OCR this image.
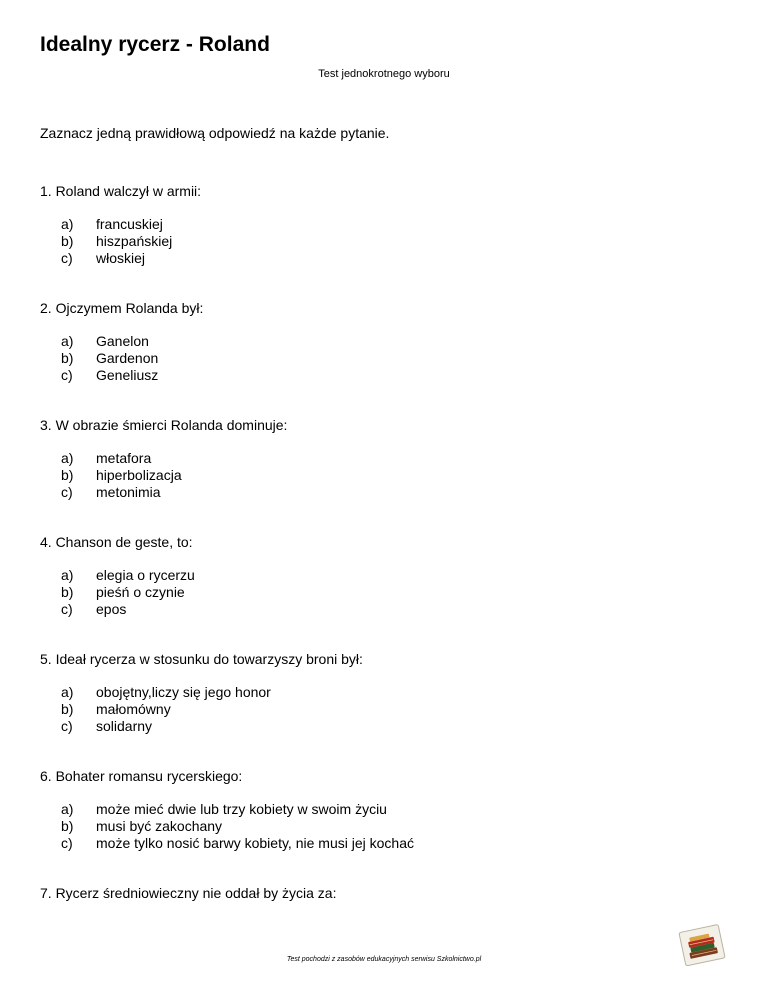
Idealny rycerz - Roland
Test jednokrotnego wyboru
Zaznacz jedną prawidłową odpowiedź na każde pytanie.

1. Roland walczył w armii:

a) francuskiej
b) hiszpańskiej
c) włoskiej

2. Ojczymem Rolanda był:

a) Ganelon
b) Gardenon
c) Geneliusz

3. W obrazie śmierci Rolanda dominuje:

a) metafora
b) hiperbolizacja
c) metonimia

4. Chanson de geste, to:

a) elegia o rycerzu
b) pieśń o czynie
c) epos

5. Ideał rycerza w stosunku do towarzyszy broni był:

a) obojętny,liczy się jego honor
b) małomówny
c) solidarny

6. Bohater romansu rycerskiego:

a) może mieć dwie lub trzy kobiety w swoim życiu
b) musi być zakochany
c) może tylko nosić barwy kobiety, nie musi jej kochać

7. Rycerz średniowieczny nie oddał by życia za:

Test pochodzi z zasobów edukacyjnych serwisu Szkolnictwo.pl
